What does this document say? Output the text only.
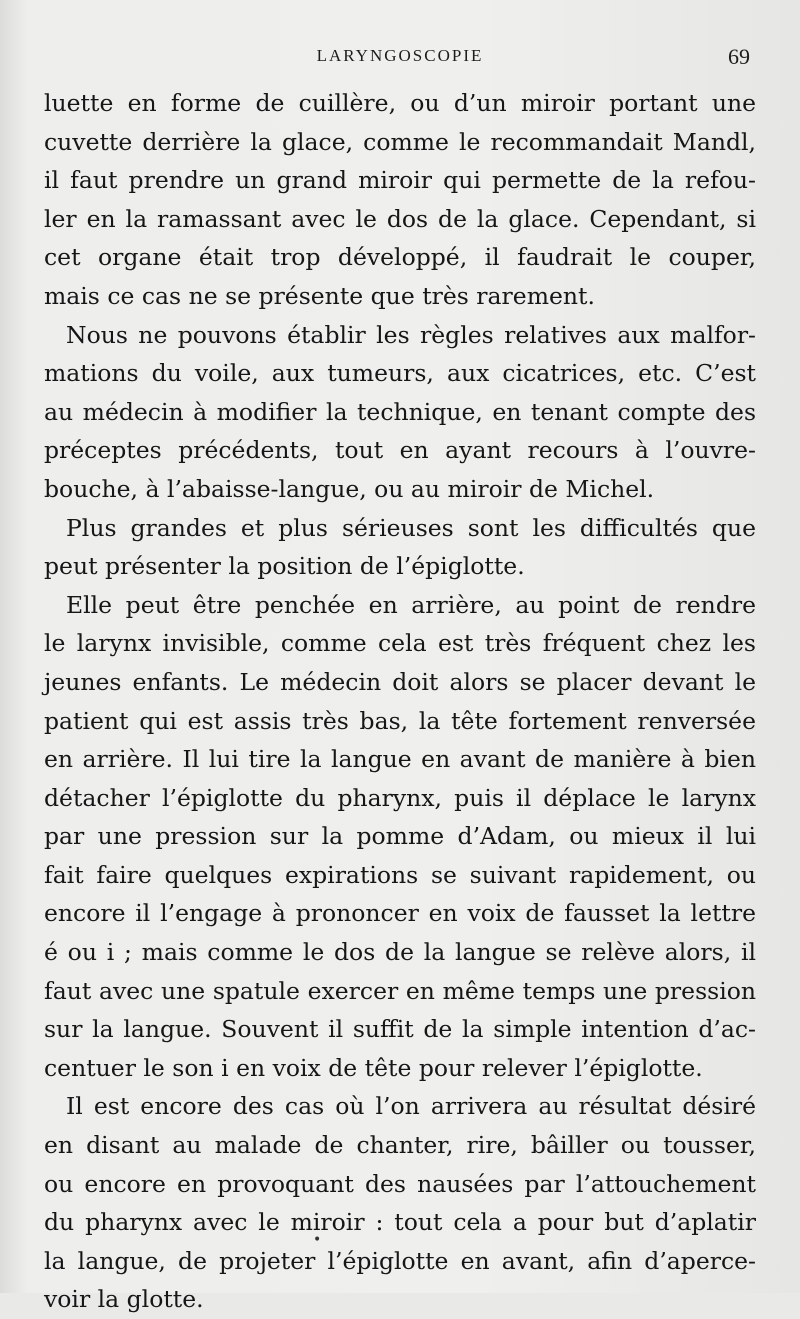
LARYNGOSCOPIE	69
luette en forme de cuillère, ou d’un miroir portant une
cuvette derrière la glace, comme le recommandait Mandl,
il faut prendre un grand miroir qui permette de la refou-
ler en la ramassant avec le dos de la glace. Cependant, si
cet organe était trop développé, il faudrait le couper,
mais ce cas ne se présente que très rarement.
Nous ne pouvons établir les règles relatives aux malfor-
mations du voile, aux tumeurs, aux cicatrices, etc. C’est
au médecin à modifier la technique, en tenant compte des
préceptes précédents, tout en ayant recours à l’ouvre-
bouche, à l’abaisse-langue, ou au miroir de Michel.
Plus grandes et plus sérieuses sont les difficultés que
peut présenter la position de l’épiglotte.
Elle peut être penchée en arrière, au point de rendre
le larynx invisible, comme cela est très fréquent chez les
jeunes enfants. Le médecin doit alors se placer devant le
patient qui est assis très bas, la tête fortement renversée
en arrière. Il lui tire la langue en avant de manière à bien
détacher l’épiglotte du pharynx, puis il déplace le larynx
par une pression sur la pomme d’Adam, ou mieux il lui
fait faire quelques expirations se suivant rapidement, ou
encore il l’engage à prononcer en voix de fausset la lettre
é ou i ; mais comme le dos de la langue se relève alors, il
faut avec une spatule exercer en même temps une pression
sur la langue. Souvent il suffit de la simple intention d’ac-
centuer le son i en voix de tête pour relever l’épiglotte.
Il est encore des cas où l’on arrivera au résultat désiré
en disant au malade de chanter, rire, bâiller ou tousser,
ou encore en provoquant des nausées par l’attouchement
du pharynx avec le miroir : tout cela a pour but d’aplatir
la langue, de projeter l’épiglotte en avant, afin d’aperce-
voir la glotte.
•
